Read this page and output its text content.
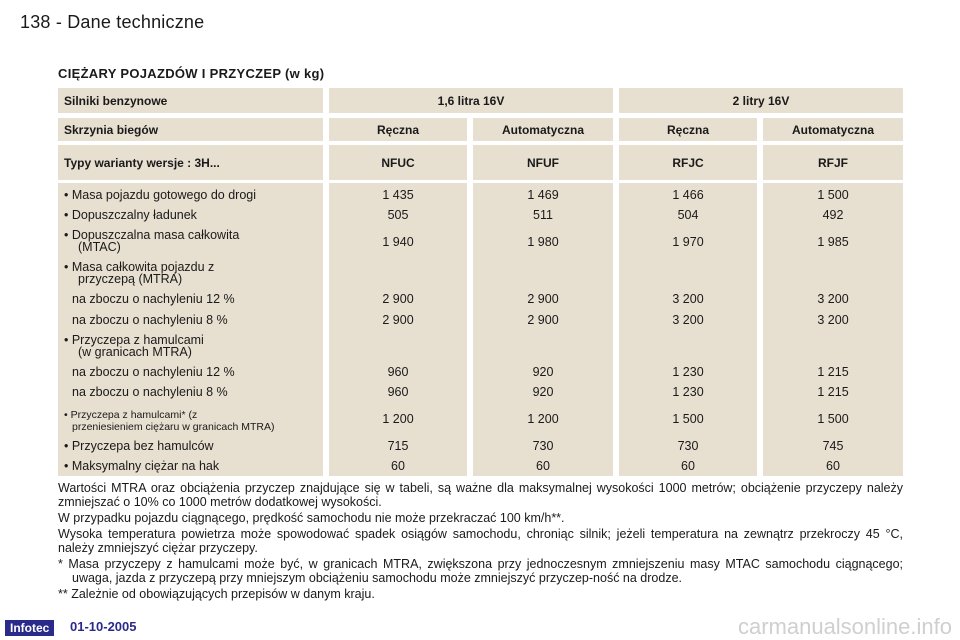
138 - Dane techniczne
CIĘŻARY POJAZDÓW I PRZYCZEP (w kg)
Silniki benzynowe	1,6 litra 16V	2 litry 16V
Skrzynia biegów	Ręczna	Automatyczna	Ręczna	Automatyczna
Typy warianty wersje : 3H...	NFUC	NFUF	RFJC	RFJF
• Masa pojazdu gotowego do drogi	1 435	1 469	1 466	1 500
• Dopuszczalny ładunek	505	511	504	492
• Dopuszczalna masa całkowita
(MTAC)	1 940	1 980	1 970	1 985
• Masa całkowita pojazdu z
przyczepą (MTRA)
na zboczu o nachyleniu 12 %	2 900	2 900	3 200	3 200
na zboczu o nachyleniu 8 %	2 900	2 900	3 200	3 200
• Przyczepa z hamulcami
(w granicach MTRA)
na zboczu o nachyleniu 12 %	960	920	1 230	1 215
na zboczu o nachyleniu 8 %	960	920	1 230	1 215
• Przyczepa z hamulcami* (z
przeniesieniem ciężaru w granicach MTRA)
1 200	1 200	1 500	1 500
• Przyczepa bez hamulców	715	730	730	745
• Maksymalny ciężar na hak	60	60	60	60

Wartości MTRA oraz obciążenia przyczep znajdujące się w tabeli, są ważne dla maksymalnej wysokości 1000 metrów; obciążenie przyczepy należy zmniejszać o 10% co 1000 metrów dodatkowej wysokości.

W przypadku pojazdu ciągnącego, prędkość samochodu nie może przekraczać 100 km/h**.

Wysoka temperatura powietrza może spowodować spadek osiągów samochodu, chroniąc silnik; jeżeli temperatura na zewnątrz przekroczy 45 °C, należy zmniejszyć ciężar przyczepy.

* Masa przyczepy z hamulcami może być, w granicach MTRA, zwiększona przy jednoczesnym zmniejszeniu masy MTAC samochodu ciągnącego; uwaga, jazda z przyczepą przy mniejszym obciążeniu samochodu może zmniejszyć przyczep-ność na drodze.

** Zależnie od obowiązujących przepisów w danym kraju.

Infotec	01-10-2005	carmanualsonline.info
